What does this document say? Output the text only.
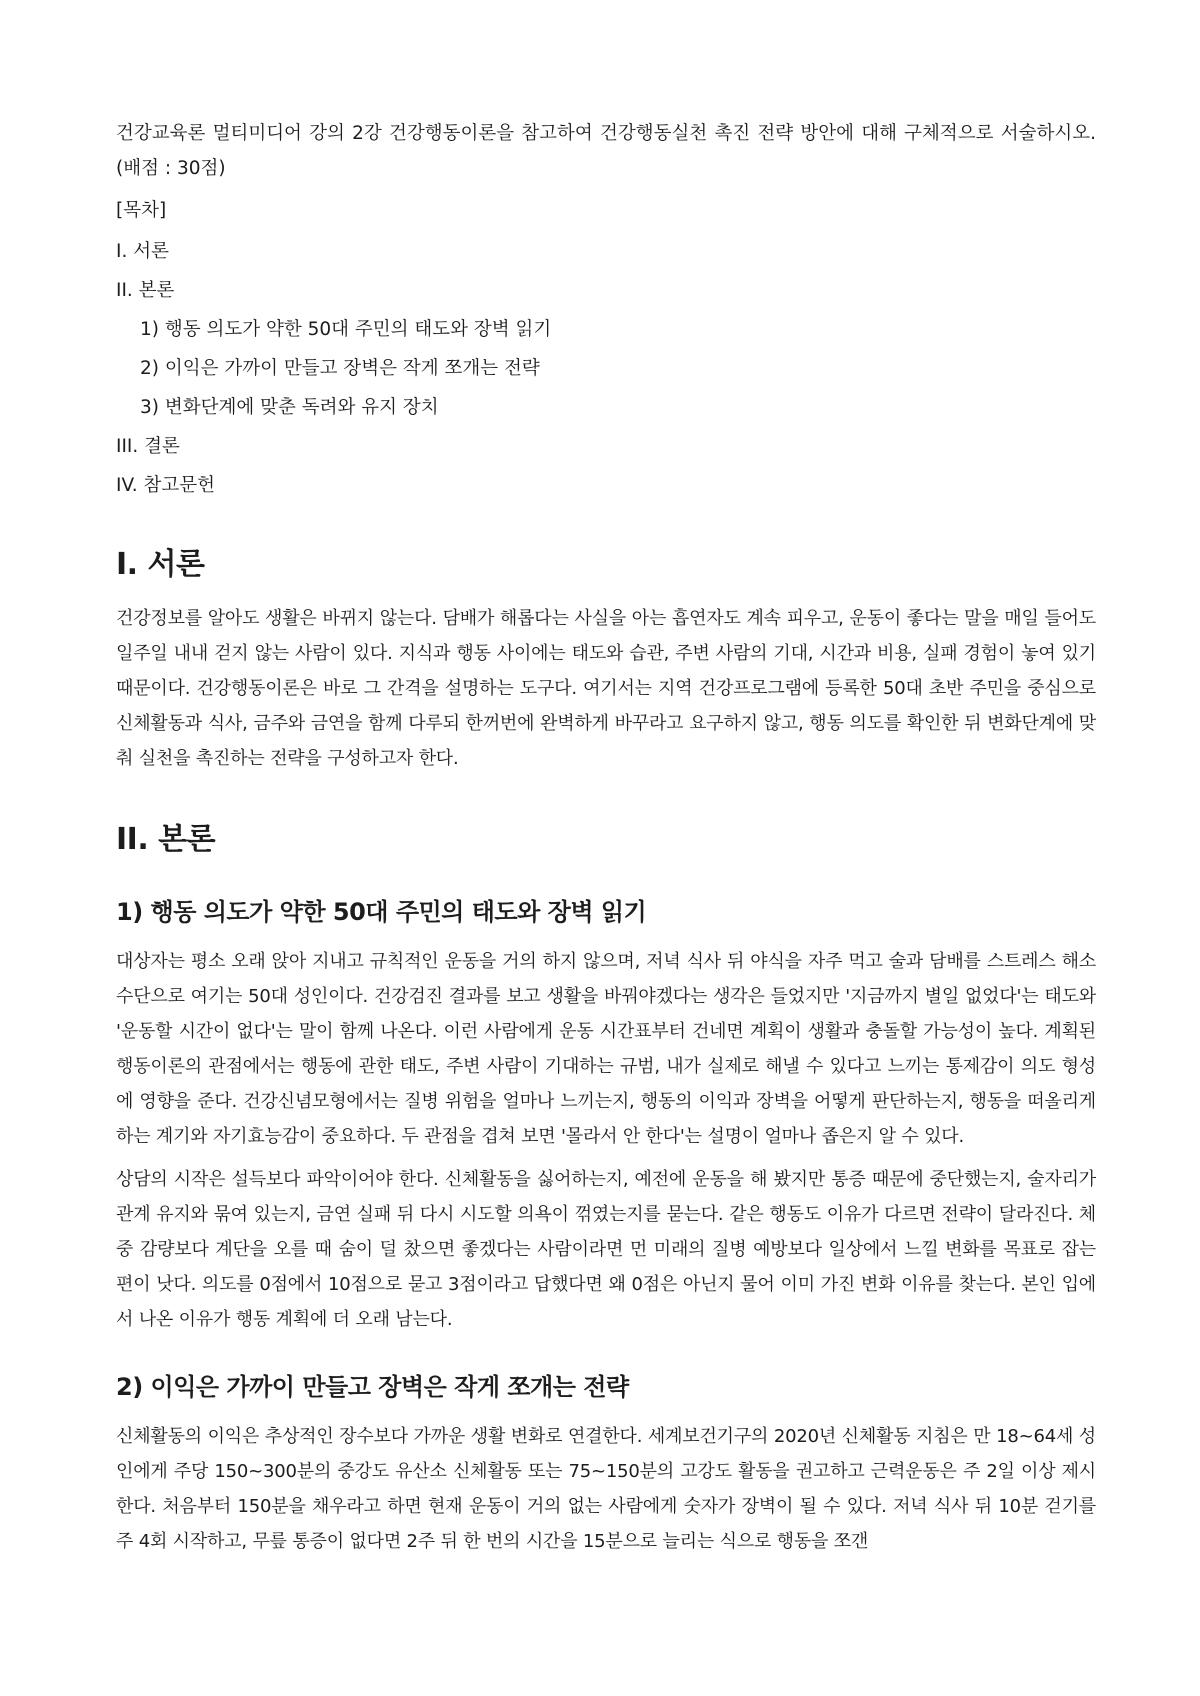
건강교육론 멀티미디어 강의 2강 건강행동이론을 참고하여 건강행동실천 촉진 전략 방안에 대해 구체적으로 서술하시오. (배점 : 30점)

[목차]
I. 서론
II. 본론
1) 행동 의도가 약한 50대 주민의 태도와 장벽 읽기
2) 이익은 가까이 만들고 장벽은 작게 쪼개는 전략
3) 변화단계에 맞춘 독려와 유지 장치
III. 결론
IV. 참고문헌
I. 서론

건강정보를 알아도 생활은 바뀌지 않는다. 담배가 해롭다는 사실을 아는 흡연자도 계속 피우고, 운동이 좋다는 말을 매일 들어도 일주일 내내 걷지 않는 사람이 있다. 지식과 행동 사이에는 태도와 습관, 주변 사람의 기대, 시간과 비용, 실패 경험이 놓여 있기 때문이다. 건강행동이론은 바로 그 간격을 설명하는 도구다. 여기서는 지역 건강프로그램에 등록한 50대 초반 주민을 중심으로 신체활동과 식사, 금주와 금연을 함께 다루되 한꺼번에 완벽하게 바꾸라고 요구하지 않고, 행동 의도를 확인한 뒤 변화단계에 맞춰 실천을 촉진하는 전략을 구성하고자 한다.

II. 본론
1) 행동 의도가 약한 50대 주민의 태도와 장벽 읽기

대상자는 평소 오래 앉아 지내고 규칙적인 운동을 거의 하지 않으며, 저녁 식사 뒤 야식을 자주 먹고 술과 담배를 스트레스 해소 수단으로 여기는 50대 성인이다. 건강검진 결과를 보고 생활을 바꿔야겠다는 생각은 들었지만 '지금까지 별일 없었다'는 태도와 '운동할 시간이 없다'는 말이 함께 나온다. 이런 사람에게 운동 시간표부터 건네면 계획이 생활과 충돌할 가능성이 높다. 계획된 행동이론의 관점에서는 행동에 관한 태도, 주변 사람이 기대하는 규범, 내가 실제로 해낼 수 있다고 느끼는 통제감이 의도 형성에 영향을 준다. 건강신념모형에서는 질병 위험을 얼마나 느끼는지, 행동의 이익과 장벽을 어떻게 판단하는지, 행동을 떠올리게 하는 계기와 자기효능감이 중요하다. 두 관점을 겹쳐 보면 '몰라서 안 한다'는 설명이 얼마나 좁은지 알 수 있다.

상담의 시작은 설득보다 파악이어야 한다. 신체활동을 싫어하는지, 예전에 운동을 해 봤지만 통증 때문에 중단했는지, 술자리가 관계 유지와 묶여 있는지, 금연 실패 뒤 다시 시도할 의욕이 꺾였는지를 묻는다. 같은 행동도 이유가 다르면 전략이 달라진다. 체중 감량보다 계단을 오를 때 숨이 덜 찼으면 좋겠다는 사람이라면 먼 미래의 질병 예방보다 일상에서 느낄 변화를 목표로 잡는 편이 낫다. 의도를 0점에서 10점으로 묻고 3점이라고 답했다면 왜 0점은 아닌지 물어 이미 가진 변화 이유를 찾는다. 본인 입에서 나온 이유가 행동 계획에 더 오래 남는다.

2) 이익은 가까이 만들고 장벽은 작게 쪼개는 전략

신체활동의 이익은 추상적인 장수보다 가까운 생활 변화로 연결한다. 세계보건기구의 2020년 신체활동 지침은 만 18~64세 성인에게 주당 150~300분의 중강도 유산소 신체활동 또는 75~150분의 고강도 활동을 권고하고 근력운동은 주 2일 이상 제시한다. 처음부터 150분을 채우라고 하면 현재 운동이 거의 없는 사람에게 숫자가 장벽이 될 수 있다. 저녁 식사 뒤 10분 걷기를 주 4회 시작하고, 무릎 통증이 없다면 2주 뒤 한 번의 시간을 15분으로 늘리는 식으로 행동을 쪼갠
